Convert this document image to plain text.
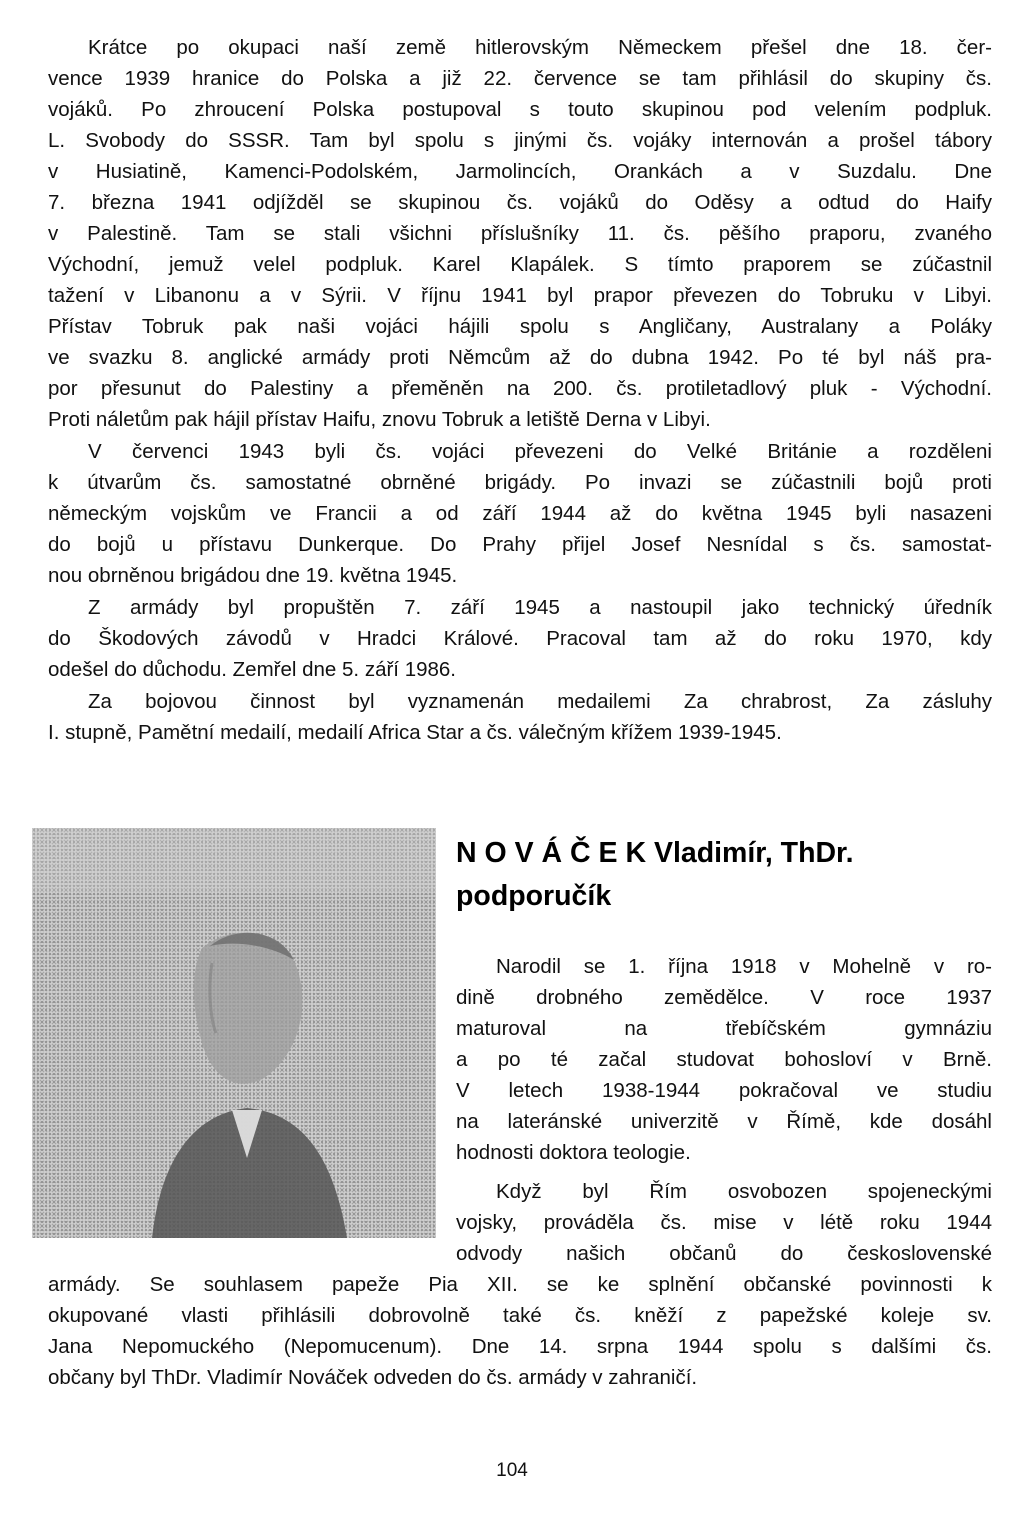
Krátce po okupaci naší země hitlerovským Německem přešel dne 18. čer-
vence 1939 hranice do Polska a již 22. července se tam přihlásil do skupiny čs.
vojáků. Po zhroucení Polska postupoval s touto skupinou pod velením podpluk.
L. Svobody do SSSR. Tam byl spolu s jinými čs. vojáky internován a prošel tábory
v Husiatině, Kamenci-Podolském, Jarmolincích, Orankách a v Suzdalu. Dne
7. března 1941 odjížděl se skupinou čs. vojáků do Oděsy a odtud do Haify
v Palestině. Tam se stali všichni příslušníky 11. čs. pěšího praporu, zvaného
Východní, jemuž velel podpluk. Karel Klapálek. S tímto praporem se zúčastnil
tažení v Libanonu a v Sýrii. V říjnu 1941 byl prapor převezen do Tobruku v Libyi.
Přístav Tobruk pak naši vojáci hájili spolu s Angličany, Australany a Poláky
ve svazku 8. anglické armády proti Němcům až do dubna 1942. Po té byl náš pra-
por přesunut do Palestiny a přeměněn na 200. čs. protiletadlový pluk - Východní.
Proti náletům pak hájil přístav Haifu, znovu Tobruk a letiště Derna v Libyi.
V červenci 1943 byli čs. vojáci převezeni do Velké Británie a rozděleni
k útvarům čs. samostatné obrněné brigády. Po invazi se zúčastnili bojů proti
německým vojskům ve Francii a od září 1944 až do května 1945 byli nasazeni
do bojů u přístavu Dunkerque. Do Prahy přijel Josef Nesnídal s čs. samostat-
nou obrněnou brigádou dne 19. května 1945.
Z armády byl propuštěn 7. září 1945 a nastoupil jako technický úředník
do Škodových závodů v Hradci Králové. Pracoval tam až do roku 1970, kdy
odešel do důchodu. Zemřel dne 5. září 1986.
Za bojovou činnost byl vyznamenán medailemi Za chrabrost, Za zásluhy
I. stupně, Pamětní medailí, medailí Africa Star a čs. válečným křížem 1939-1945.
N O V Á Č E K Vladimír, ThDr.
podporučík
Narodil se 1. října 1918 v Mohelně v ro-
dině drobného zemědělce. V roce 1937
maturoval na třebíčském gymnáziu
a po té začal studovat bohosloví v Brně.
V letech 1938-1944 pokračoval ve studiu
na lateránské univerzitě v Římě, kde dosáhl
hodnosti doktora teologie.
Když byl Řím osvobozen spojeneckými
vojsky, prováděla čs. mise v létě roku 1944
odvody našich občanů do československé
armády. Se souhlasem papeže Pia XII. se ke splnění občanské povinnosti k
okupované vlasti přihlásili dobrovolně také čs. kněží z papežské koleje sv.
Jana Nepomuckého (Nepomucenum). Dne 14. srpna 1944 spolu s dalšími čs.
občany byl ThDr. Vladimír Nováček odveden do čs. armády v zahraničí.
104
